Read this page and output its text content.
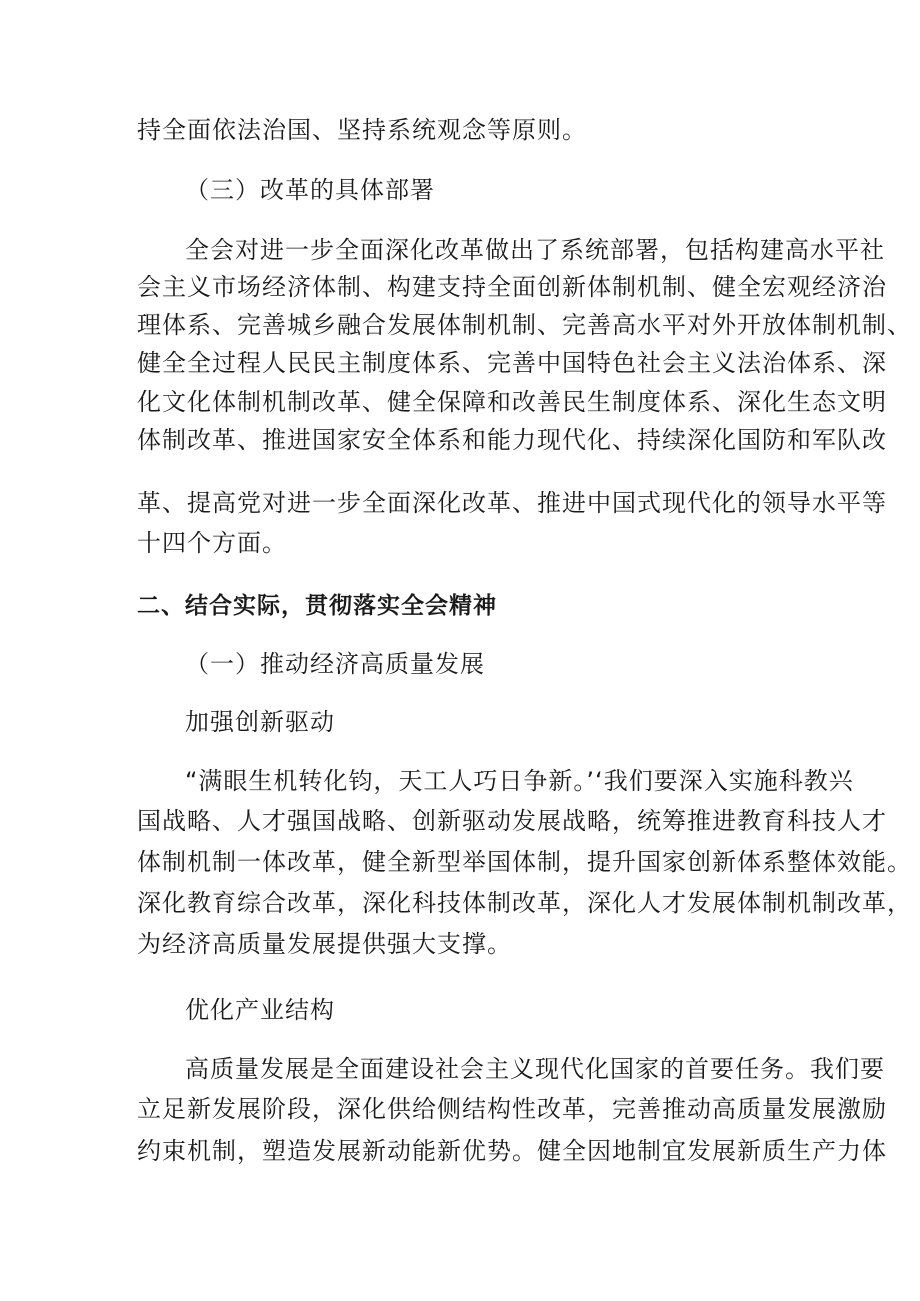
持全面依法治国、坚持系统观念等原则。
（三）改革的具体部署
全会对进一步全面深化改革做出了系统部署，包括构建高水平社
会主义市场经济体制、构建支持全面创新体制机制、健全宏观经济治
理体系、完善城乡融合发展体制机制、完善高水平对外开放体制机制、
健全全过程人民民主制度体系、完善中国特色社会主义法治体系、深
化文化体制机制改革、健全保障和改善民生制度体系、深化生态文明
体制改革、推进国家安全体系和能力现代化、持续深化国防和军队改
革、提高党对进一步全面深化改革、推进中国式现代化的领导水平等
十四个方面。
二、结合实际，贯彻落实全会精神
（一）推动经济高质量发展
加强创新驱动
“满眼生机转化钧，天工人巧日争新。’‘我们要深入实施科教兴
国战略、人才强国战略、创新驱动发展战略，统筹推进教育科技人才
体制机制一体改革，健全新型举国体制，提升国家创新体系整体效能。
深化教育综合改革，深化科技体制改革，深化人才发展体制机制改革，
为经济高质量发展提供强大支撑。
优化产业结构
高质量发展是全面建设社会主义现代化国家的首要任务。我们要
立足新发展阶段，深化供给侧结构性改革，完善推动高质量发展激励
约束机制，塑造发展新动能新优势。健全因地制宜发展新质生产力体
